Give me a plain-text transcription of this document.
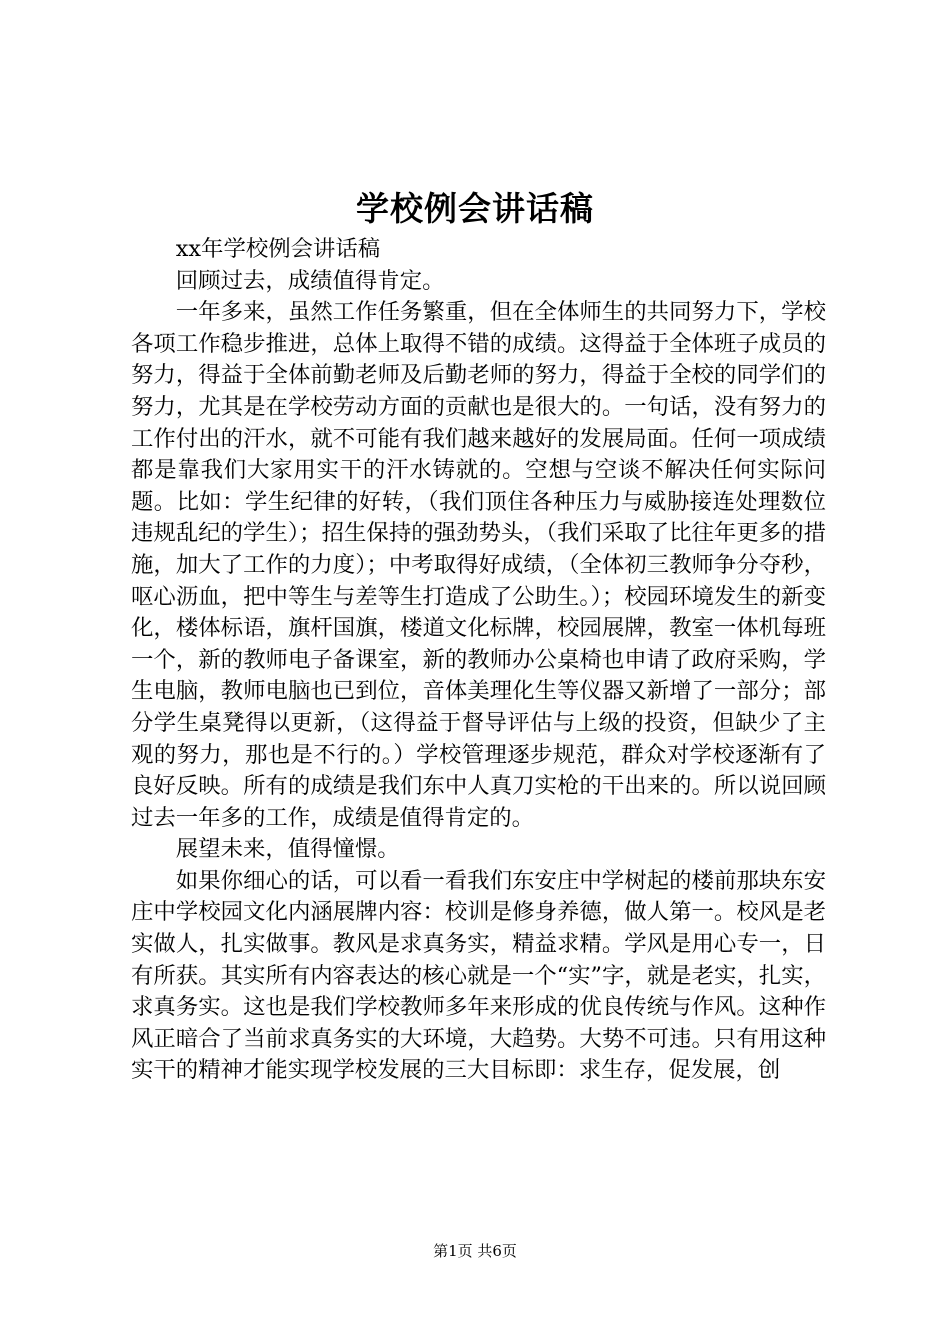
学校例会讲话稿

xx年学校例会讲话稿

回顾过去，成绩值得肯定。

一年多来，虽然工作任务繁重，但在全体师生的共同努力下，学校各项工作稳步推进，总体上取得不错的成绩。这得益于全体班子成员的努力，得益于全体前勤老师及后勤老师的努力，得益于全校的同学们的努力，尤其是在学校劳动方面的贡献也是很大的。一句话，没有努力的工作付出的汗水，就不可能有我们越来越好的发展局面。任何一项成绩都是靠我们大家用实干的汗水铸就的。空想与空谈不解决任何实际问题。比如：学生纪律的好转，（我们顶住各种压力与威胁接连处理数位违规乱纪的学生）；招生保持的强劲势头，（我们采取了比往年更多的措施，加大了工作的力度）；中考取得好成绩，（全体初三教师争分夺秒，呕心沥血，把中等生与差等生打造成了公助生。）；校园环境发生的新变化，楼体标语，旗杆国旗，楼道文化标牌，校园展牌，教室一体机每班一个，新的教师电子备课室，新的教师办公桌椅也申请了政府采购，学生电脑，教师电脑也已到位，音体美理化生等仪器又新增了一部分；部分学生桌凳得以更新，（这得益于督导评估与上级的投资，但缺少了主观的努力，那也是不行的。）学校管理逐步规范，群众对学校逐渐有了良好反映。所有的成绩是我们东中人真刀实枪的干出来的。所以说回顾过去一年多的工作，成绩是值得肯定的。

展望未来，值得憧憬。

如果你细心的话，可以看一看我们东安庄中学树起的楼前那块东安庄中学校园文化内涵展牌内容：校训是修身养德，做人第一。校风是老实做人，扎实做事。教风是求真务实，精益求精。学风是用心专一，日有所获。其实所有内容表达的核心就是一个“实”字，就是老实，扎实，求真务实。这也是我们学校教师多年来形成的优良传统与作风。这种作风正暗合了当前求真务实的大环境，大趋势。大势不可违。只有用这种实干的精神才能实现学校发展的三大目标即：求生存，促发展，创

第1页 共6页
